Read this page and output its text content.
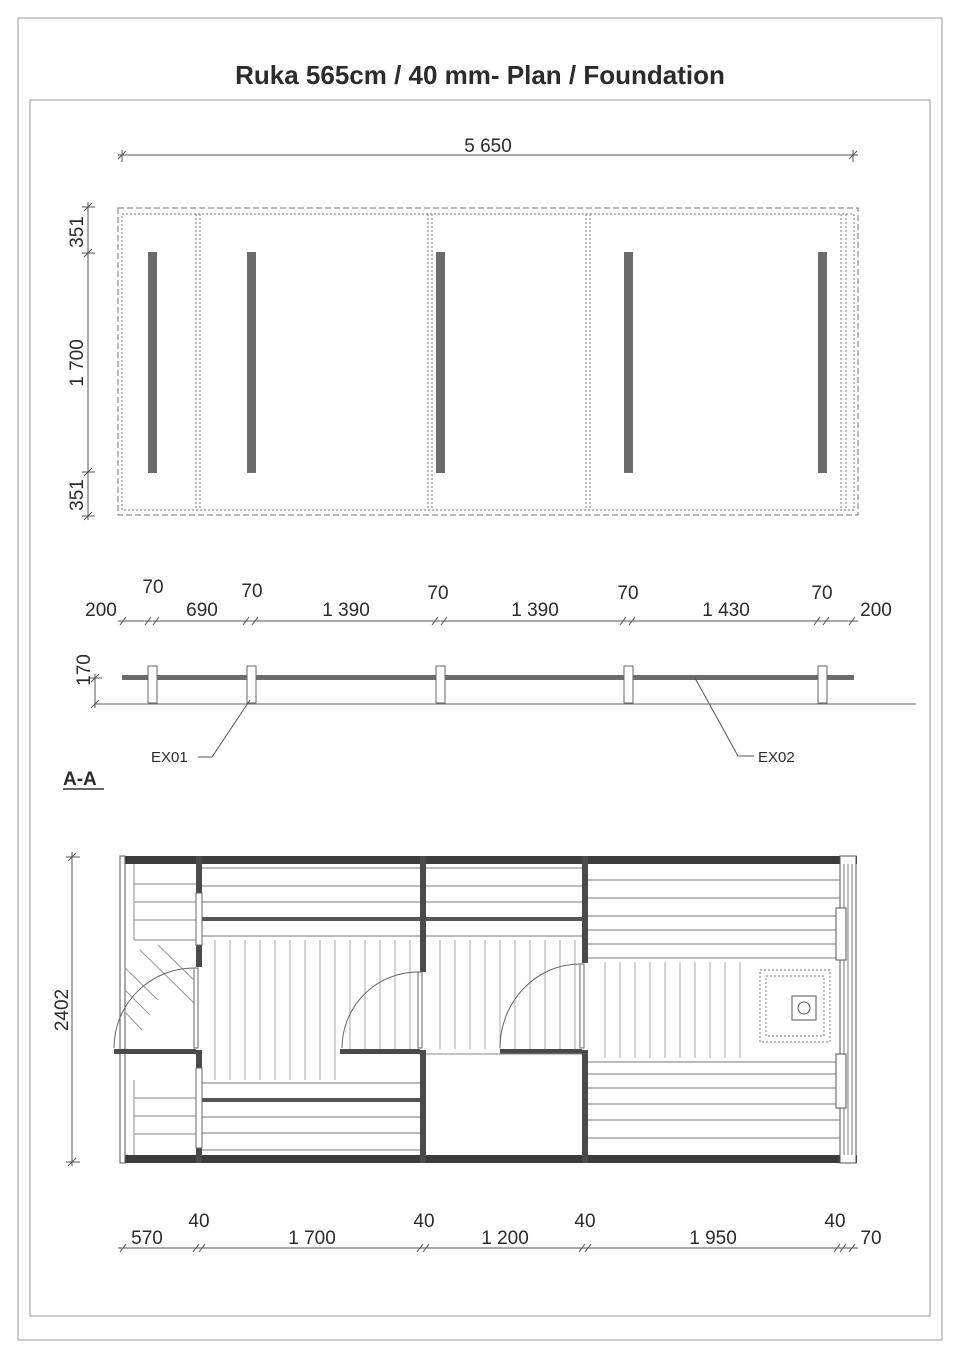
Ruka 565cm / 40 mm- Plan / Foundation
5 650
351
1 700
351
200
70
690
70
1 390
70
1 390
70
1 430
70
200
170
EX01	EX02
A-A
2402
570
40
1 700
40
1 200
40
1 950
40
70
